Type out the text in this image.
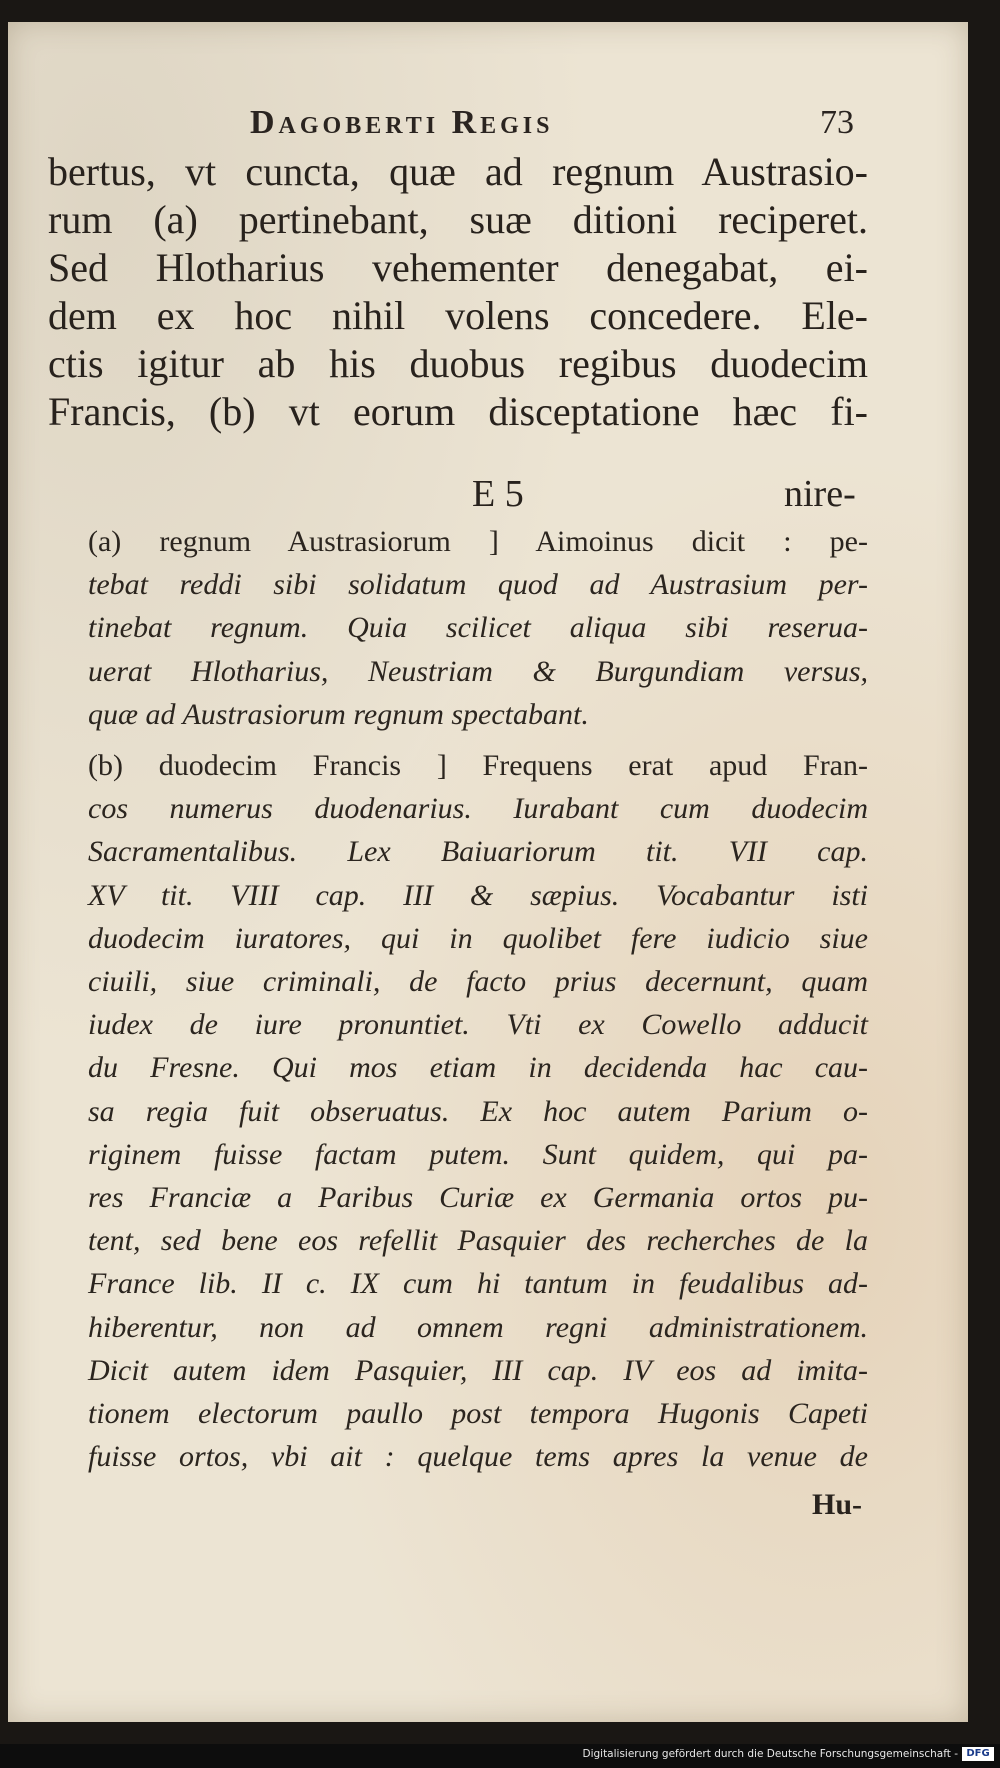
Dagoberti Regis	73
bertus, vt cuncta, quæ ad regnum Austrasio-
rum (a) pertinebant, suæ ditioni reciperet.
Sed Hlotharius vehementer denegabat, ei-
dem ex hoc nihil volens concedere. Ele-
ctis igitur ab his duobus regibus duodecim
Francis, (b) vt eorum disceptatione hæc fi-
E 5	nire-
(a) regnum Austrasiorum ] Aimoinus dicit : pe-
tebat reddi sibi solidatum quod ad Austrasium per-
tinebat regnum. Quia scilicet aliqua sibi reserua-
uerat Hlotharius, Neustriam & Burgundiam versus,
quæ ad Austrasiorum regnum spectabant.
(b) duodecim Francis ] Frequens erat apud Fran-
cos numerus duodenarius. Iurabant cum duodecim
Sacramentalibus. Lex Baiuariorum tit. VII cap.
XV tit. VIII cap. III & sæpius. Vocabantur isti
duodecim iuratores, qui in quolibet fere iudicio siue
ciuili, siue criminali, de facto prius decernunt, quam
iudex de iure pronuntiet. Vti ex Cowello adducit
du Fresne. Qui mos etiam in decidenda hac cau-
sa regia fuit obseruatus. Ex hoc autem Parium o-
riginem fuisse factam putem. Sunt quidem, qui pa-
res Franciæ a Paribus Curiæ ex Germania ortos pu-
tent, sed bene eos refellit Pasquier des recherches de la
France lib. II c. IX cum hi tantum in feudalibus ad-
hiberentur, non ad omnem regni administrationem.
Dicit autem idem Pasquier, III cap. IV eos ad imita-
tionem electorum paullo post tempora Hugonis Capeti
fuisse ortos, vbi ait : quelque tems apres la venue de
Hu-
Digitalisierung gefördert durch die Deutsche Forschungsgemeinschaft - DFG
